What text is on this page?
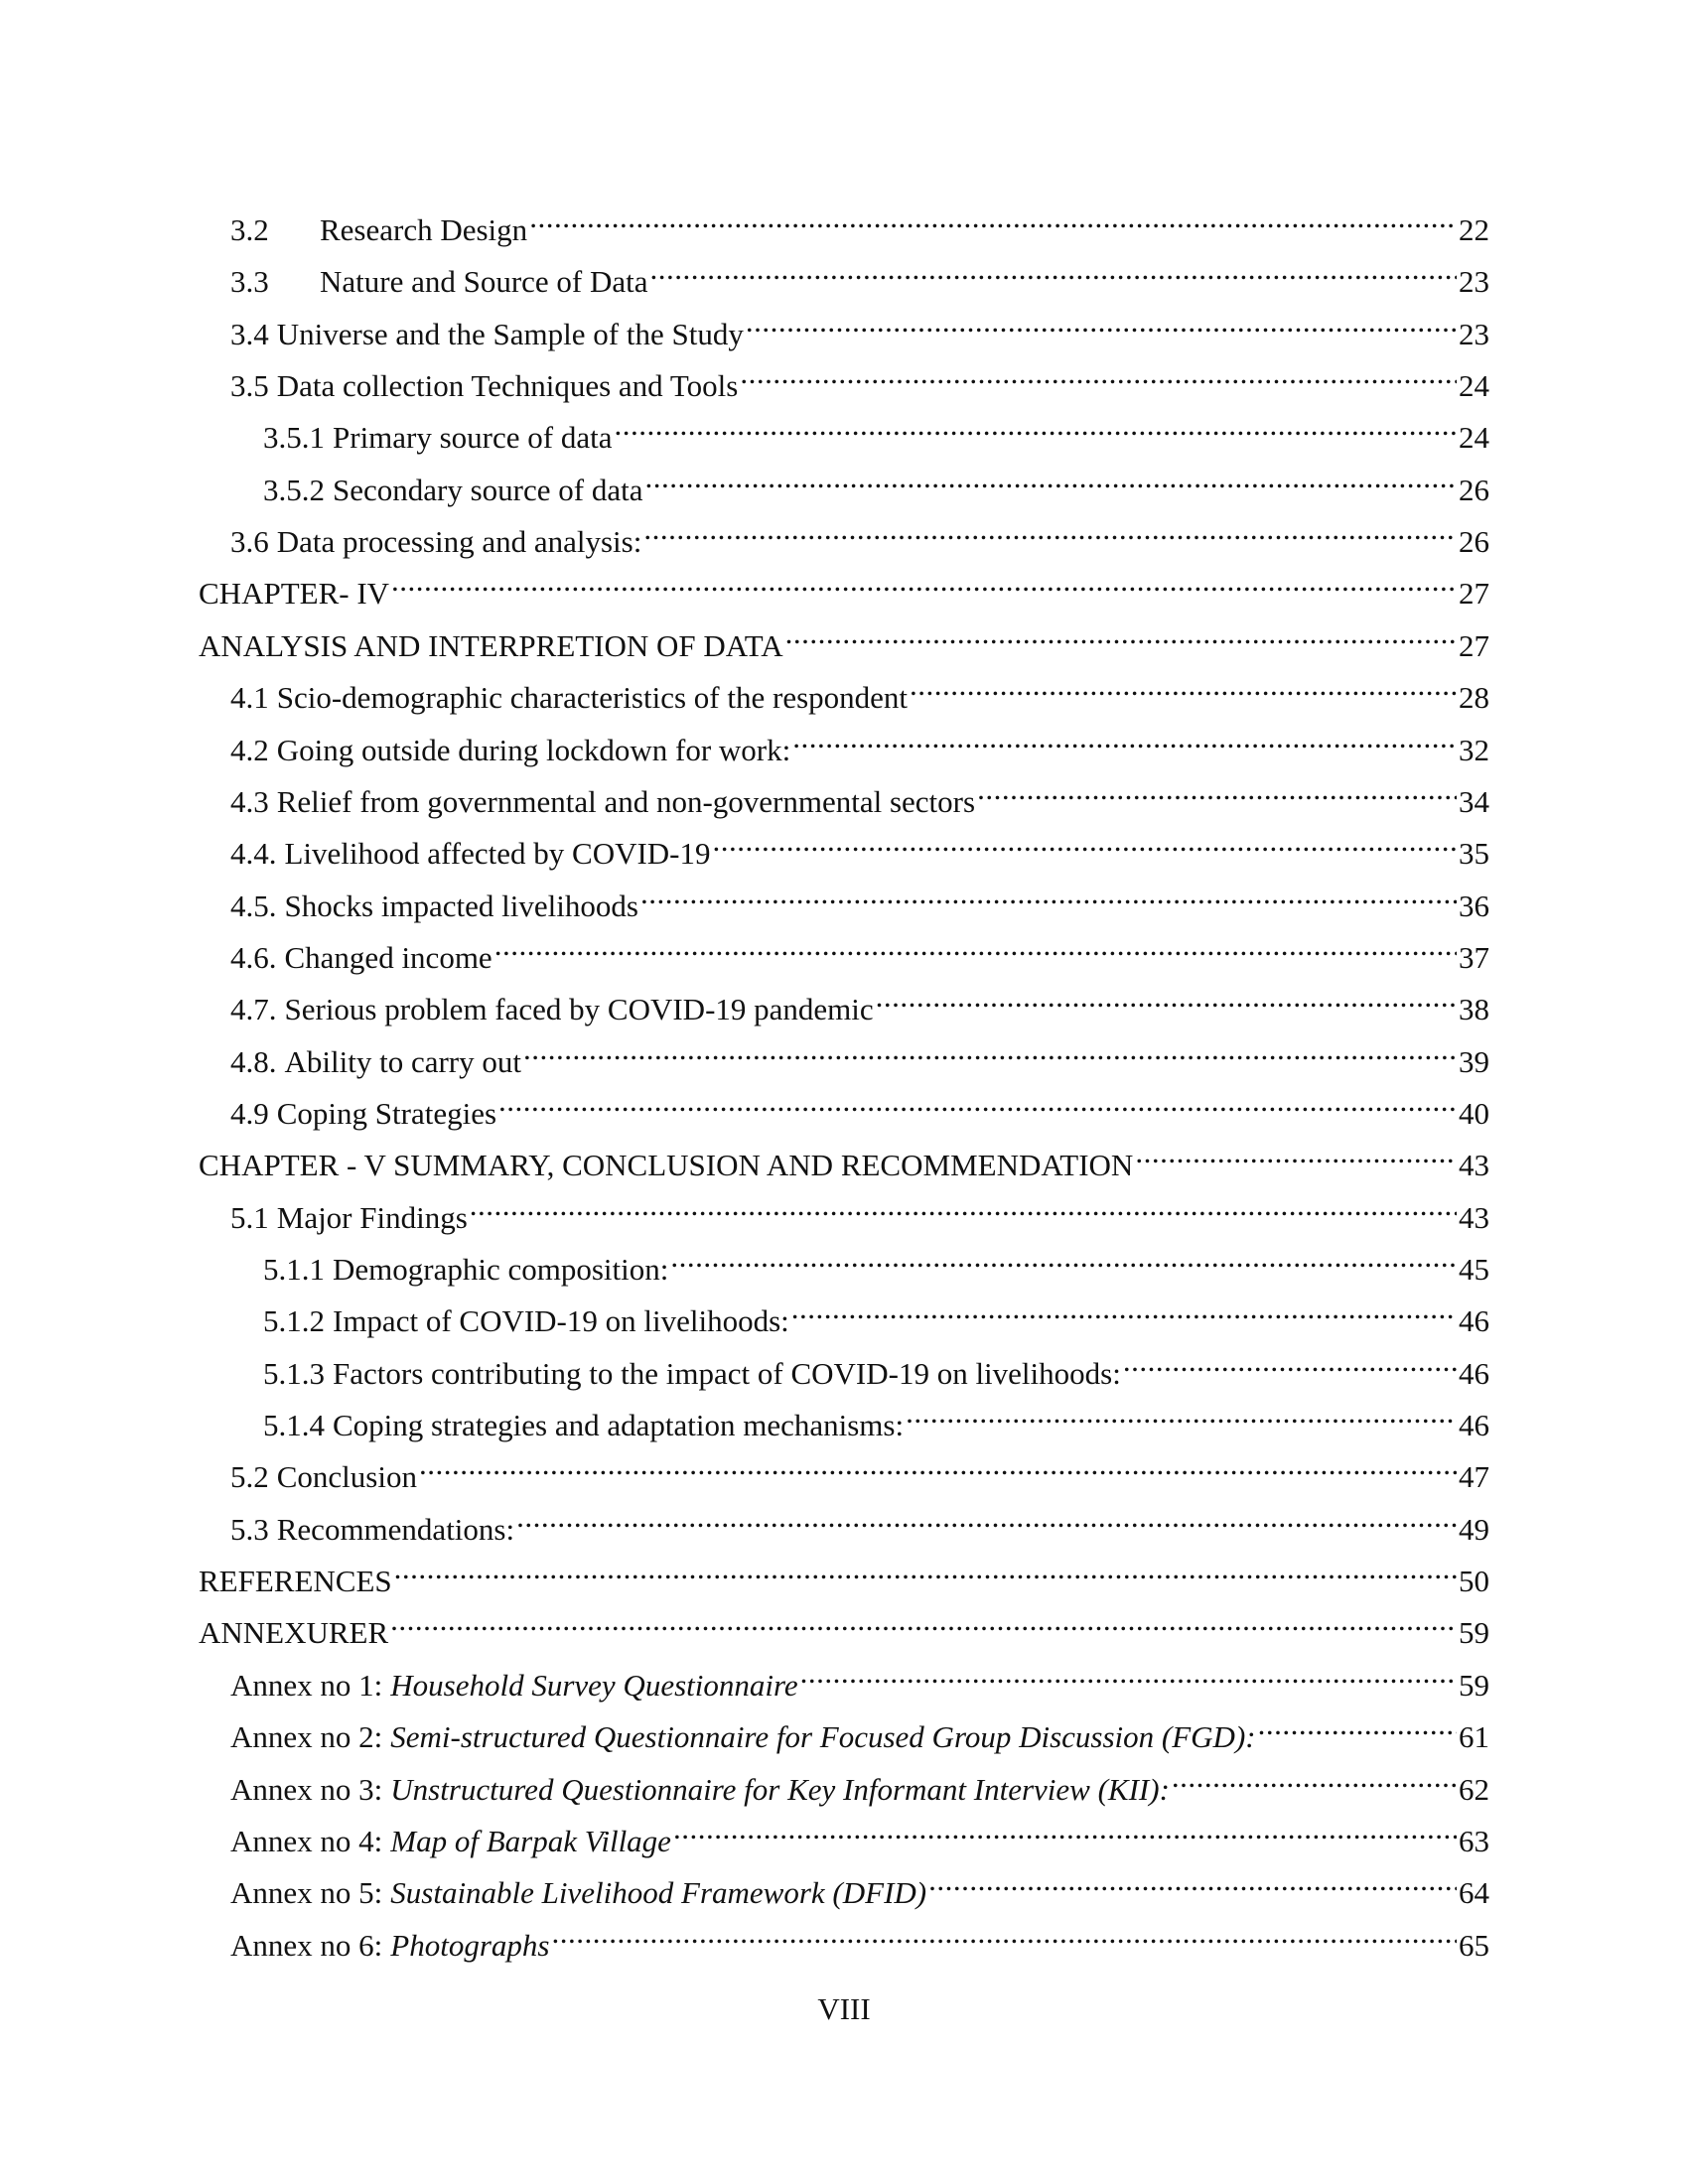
3.2	Research Design .....	22
3.3	Nature and Source of Data .....	23
3.4 Universe and the Sample of the Study .....	23
3.5 Data collection Techniques and Tools .....	24
3.5.1 Primary source of data .....	24
3.5.2 Secondary source of data .....	26
3.6 Data processing and analysis: .....	26
CHAPTER- IV .....	27
ANALYSIS AND INTERPRETION OF DATA .....	27
4.1 Scio-demographic characteristics of the respondent .....	28
4.2 Going outside during lockdown for work: .....	32
4.3 Relief from governmental and non-governmental sectors .....	34
4.4. Livelihood affected by COVID-19 .....	35
4.5. Shocks impacted livelihoods .....	36
4.6. Changed income .....	37
4.7. Serious problem faced by COVID-19 pandemic .....	38
4.8. Ability to carry out .....	39
4.9 Coping Strategies .....	40
CHAPTER - V SUMMARY, CONCLUSION AND RECOMMENDATION .....	43
5.1 Major Findings .....	43
5.1.1 Demographic composition: .....	45
5.1.2 Impact of COVID-19 on livelihoods: .....	46
5.1.3 Factors contributing to the impact of COVID-19 on livelihoods: .....	46
5.1.4 Coping strategies and adaptation mechanisms: .....	46
5.2 Conclusion .....	47
5.3 Recommendations: .....	49
REFERENCES .....	50
ANNEXURER .....	59
Annex no 1: Household Survey Questionnaire .....	59
Annex no 2: Semi-structured Questionnaire for Focused Group Discussion (FGD): .....	61
Annex no 3: Unstructured Questionnaire for Key Informant Interview (KII): .....	62
Annex no 4: Map of Barpak Village .....	63
Annex no 5: Sustainable Livelihood Framework (DFID) .....	64
Annex no 6: Photographs .....	65
VIII
